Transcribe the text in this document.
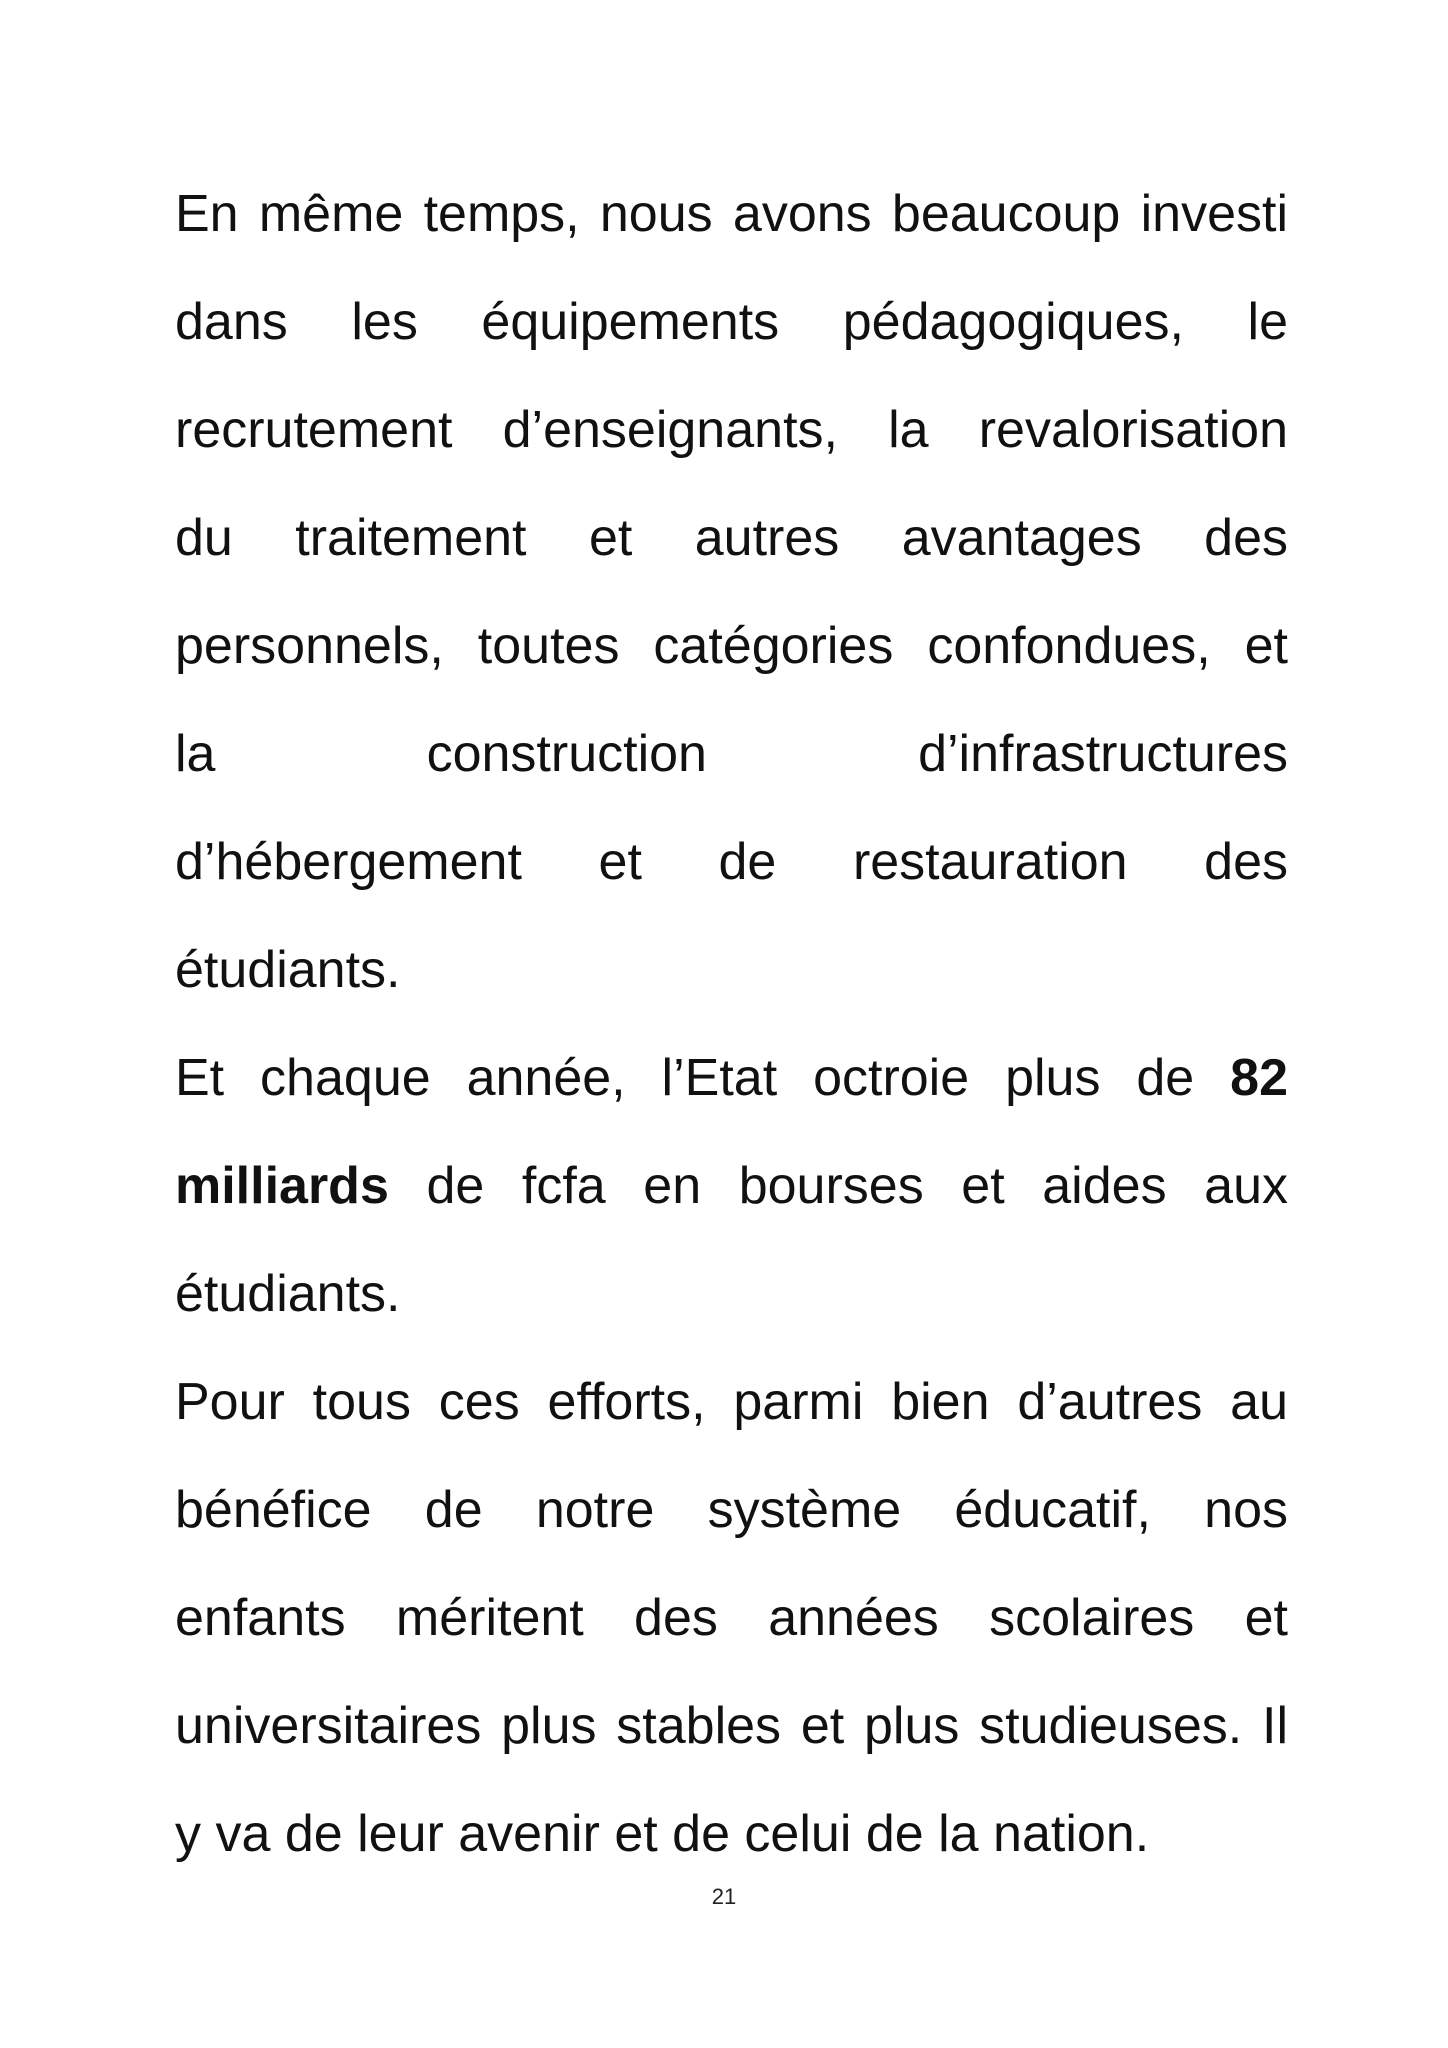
En même temps, nous avons beaucoup investi
dans les équipements pédagogiques, le
recrutement d’enseignants, la revalorisation
du traitement et autres avantages des
personnels, toutes catégories confondues, et
la construction d’infrastructures
d’hébergement et de restauration des
étudiants.
Et chaque année, l’Etat octroie plus de 82
milliards de fcfa en bourses et aides aux
étudiants.
Pour tous ces efforts, parmi bien d’autres au
bénéfice de notre système éducatif, nos
enfants méritent des années scolaires et
universitaires plus stables et plus studieuses. Il
y va de leur avenir et de celui de la nation.
21
